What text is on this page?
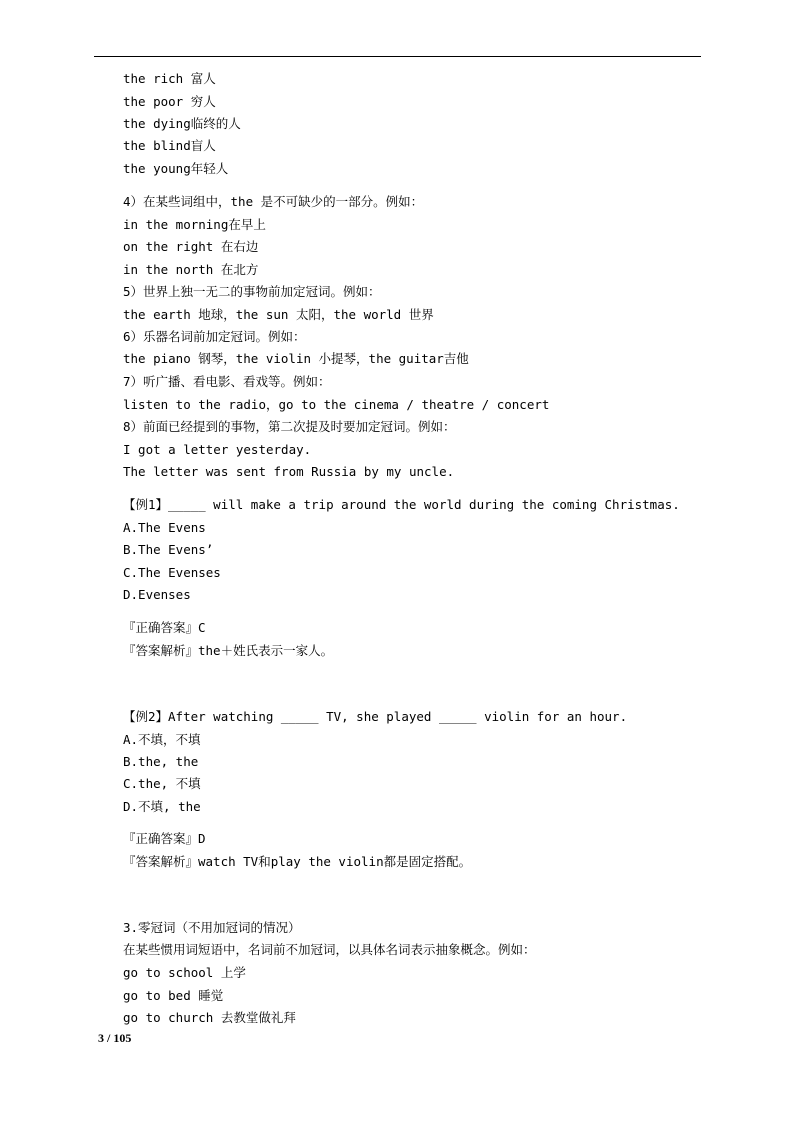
the rich 富人
the poor 穷人
the dying临终的人
the blind盲人
the young年轻人
4）在某些词组中，the 是不可缺少的一部分。例如：
in the morning在早上
on the right 在右边
in the north 在北方
5）世界上独一无二的事物前加定冠词。例如：
the earth 地球，the sun 太阳，the world 世界
6）乐器名词前加定冠词。例如：
the piano 钢琴，the violin 小提琴，the guitar吉他
7）听广播、看电影、看戏等。例如：
listen to the radio，go to the cinema / theatre / concert
8）前面已经提到的事物，第二次提及时要加定冠词。例如：
I got a letter yesterday.
The letter was sent from Russia by my uncle.
【例1】_____ will make a trip around the world during the coming Christmas.
A.The Evens
B.The Evens’
C.The Evenses
D.Evenses
『正确答案』C
『答案解析』the＋姓氏表示一家人。
【例2】After watching _____ TV, she played _____ violin for an hour.
A.不填，不填
B.the, the
C.the, 不填
D.不填, the
『正确答案』D
『答案解析』watch TV和play the violin都是固定搭配。
3.零冠词（不用加冠词的情况）
在某些惯用词短语中，名词前不加冠词，以具体名词表示抽象概念。例如：
go to school 上学
go to bed 睡觉
go to church 去教堂做礼拜
3 / 105
